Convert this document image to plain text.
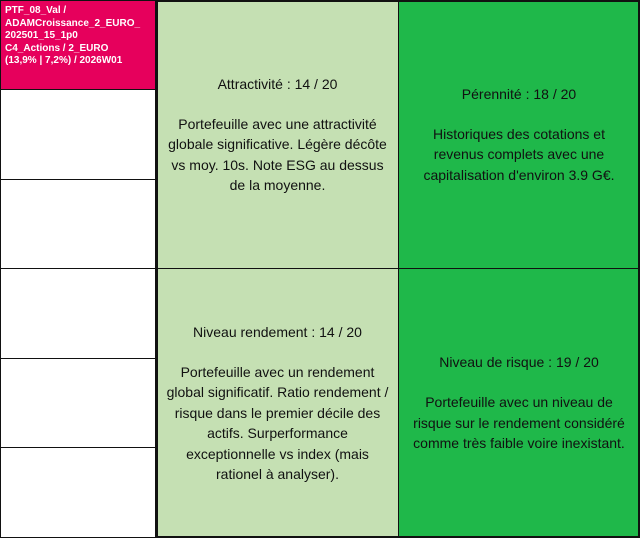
PTF_08_Val /
ADAMCroissance_2_EURO_
202501_15_1p0
C4_Actions / 2_EURO
(13,9% | 7,2%) / 2026W01
Attractivité : 14 / 20
Portefeuille avec une attractivité globale significative. Légère décôte vs moy. 10s. Note ESG au dessus de la moyenne.
Pérennité : 18 / 20
Historiques des cotations et revenus complets avec une capitalisation d'environ 3.9 G€.
Niveau rendement : 14 / 20
Portefeuille avec un rendement global significatif. Ratio rendement / risque dans le premier décile des actifs. Surperformance exceptionnelle vs index (mais rationel à analyser).
Niveau de risque : 19 / 20
Portefeuille avec un niveau de risque sur le rendement considéré comme très faible voire inexistant.
